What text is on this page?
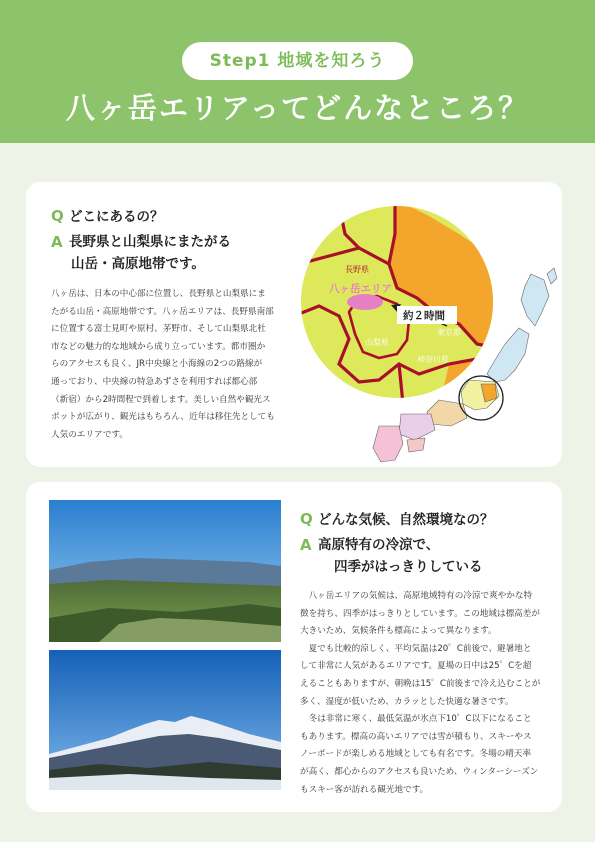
Step1 地域を知ろう
八ヶ岳エリアってどんなところ？
Q どこにあるの？
A 長野県と山梨県にまたがる
山岳・高原地帯です。

八ヶ岳は、日本の中心部に位置し、長野県と山梨県にま

たがる山岳・高原地帯です。八ヶ岳エリアは、長野県南部

に位置する富士見町や原村、茅野市、そして山梨県北杜

市などの魅力的な地域から成り立っています。都市圏か

らのアクセスも良く、JR中央線と小海線の2つの路線が

通っており、中央線の特急あずさを利用すれば都心部

（新宿）から2時間程で到着します。美しい自然や観光ス

ポットが広がり、観光はもちろん、近年は移住先としても

人気のエリアです。

長野県
八ヶ岳エリア
約２時間
東京都
山梨県
神奈川県
Q どんな気候、自然環境なの？
A 高原特有の冷涼で、
四季がはっきりしている

八ヶ岳エリアの気候は、高原地域特有の冷涼で爽やかな特

徴を持ち、四季がはっきりとしています。この地域は標高差が

大きいため、気候条件も標高によって異なります。

夏でも比較的涼しく、平均気温は20゜C前後で、避暑地と

して非常に人気があるエリアです。夏場の日中は25゜Cを超

えることもありますが、朝晩は15゜C前後まで冷え込むことが

多く、湿度が低いため、カラッとした快適な暑さです。

冬は非常に寒く、最低気温が氷点下10゜C以下になること

もあります。標高の高いエリアでは雪が積もり、スキーやス

ノーボードが楽しめる地域としても有名です。冬場の晴天率

が高く、都心からのアクセスも良いため、ウィンターシーズン

もスキー客が訪れる観光地です。
